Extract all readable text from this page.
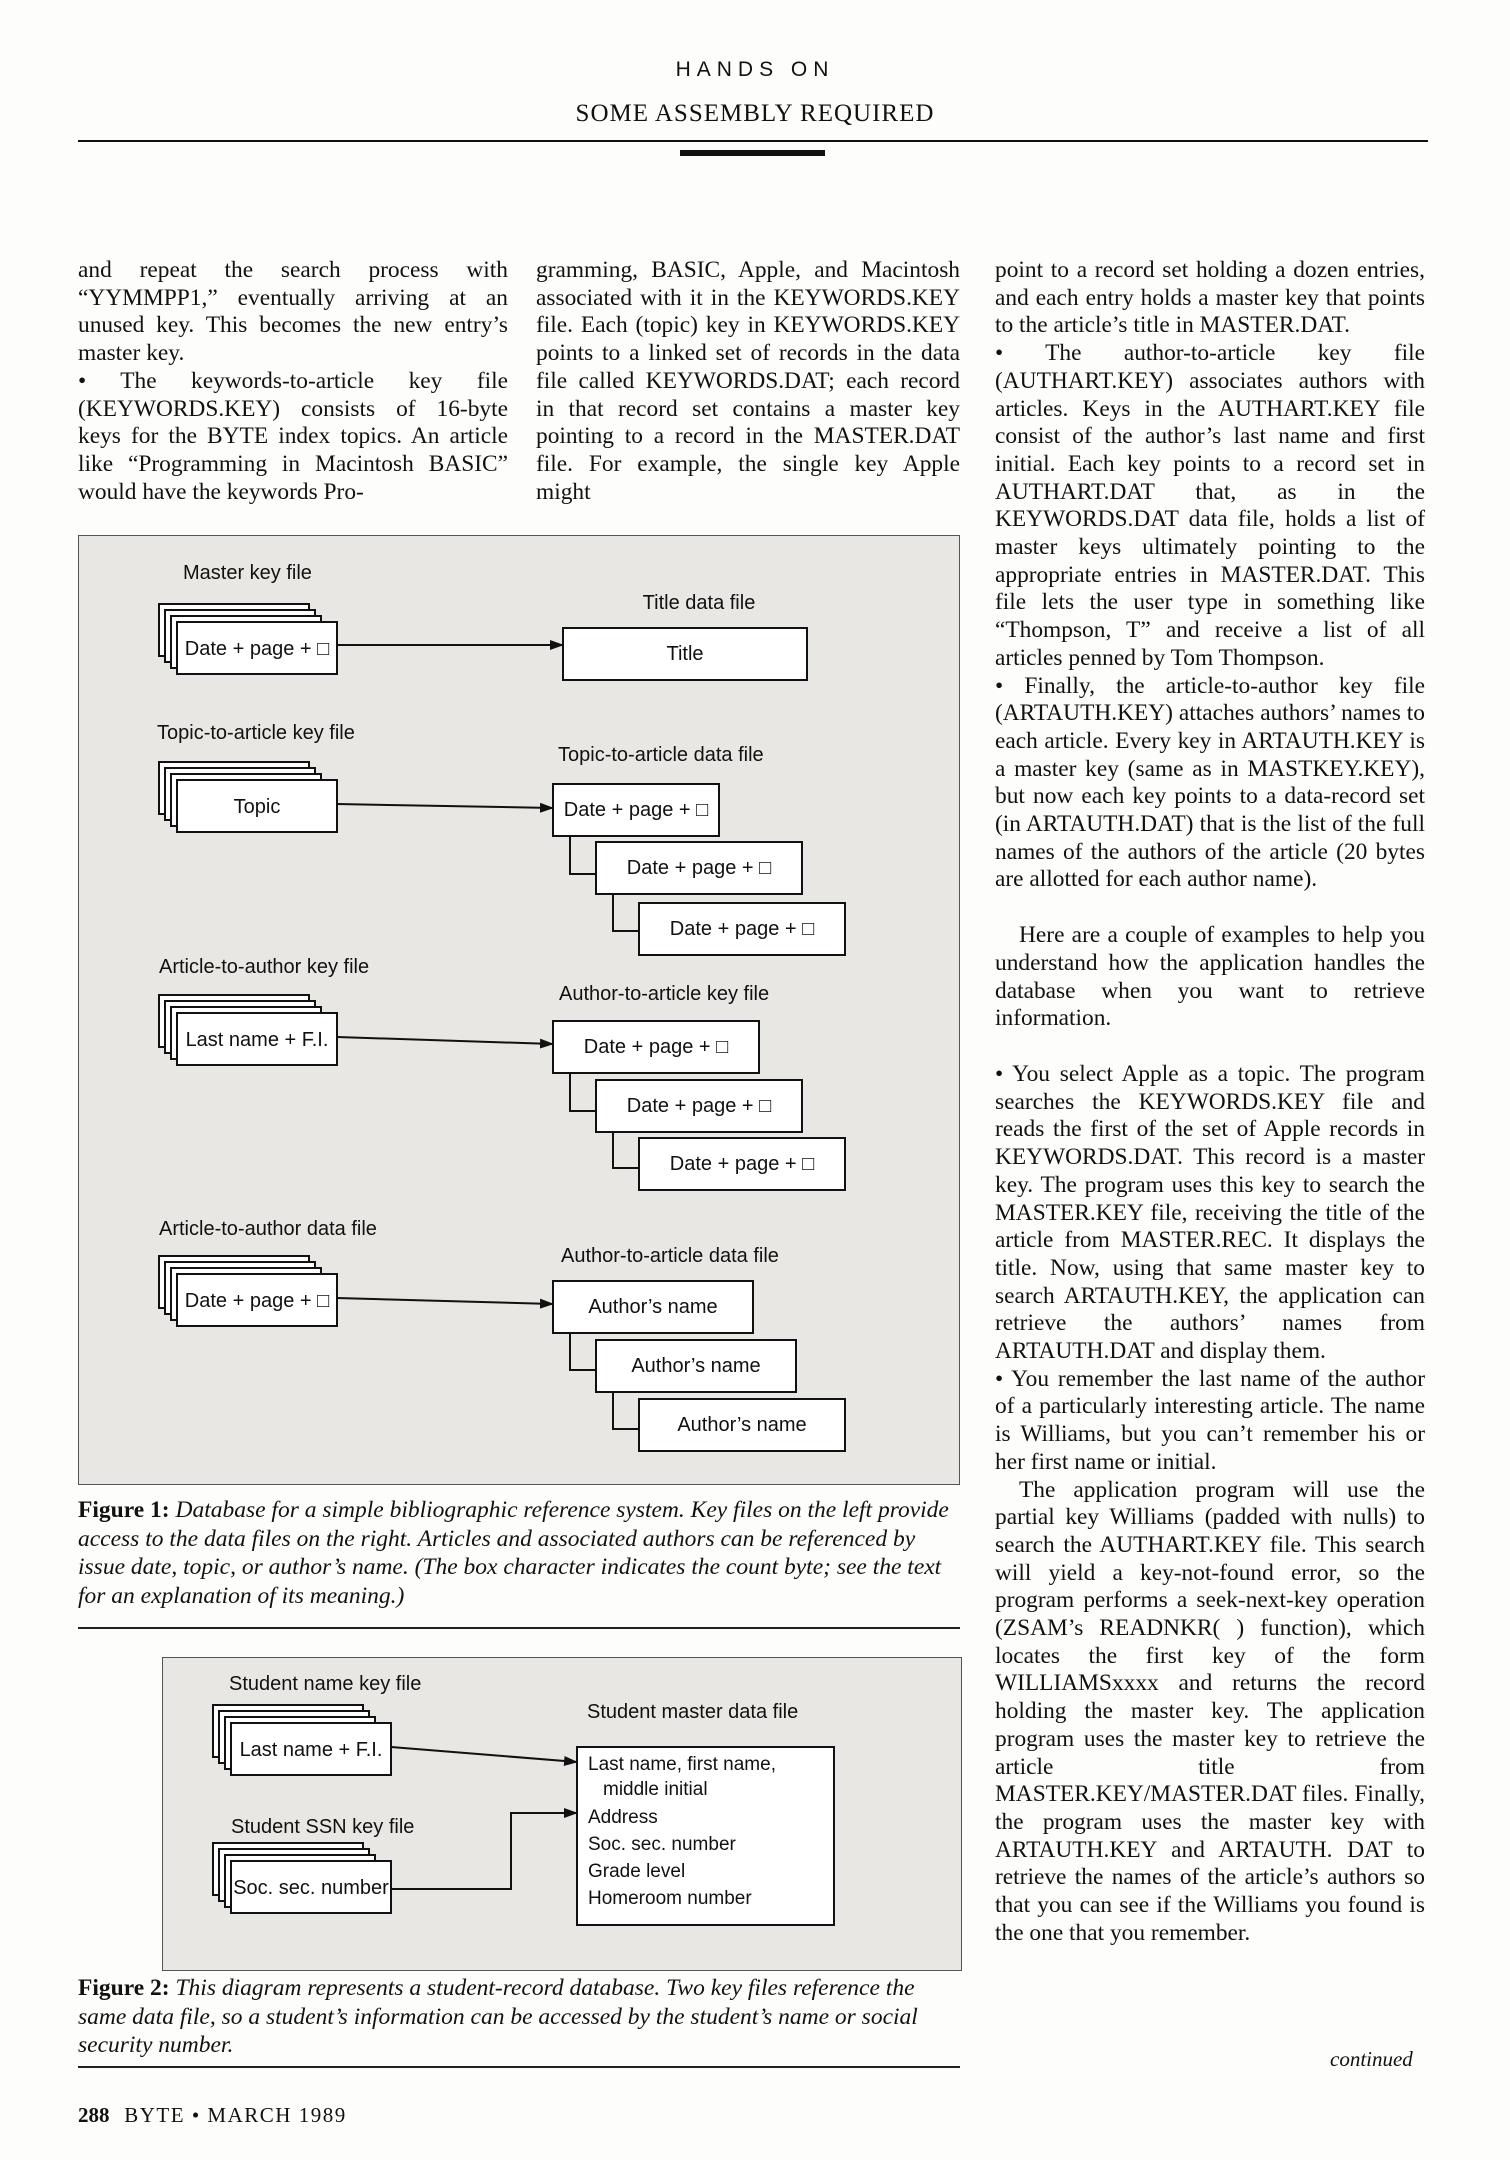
HANDS ON
SOME ASSEMBLY REQUIRED

and repeat the search process with “YYMMPP1,” eventually arriving at an unused key. This becomes the new entry’s master key.

• The keywords-to-article key file (KEYWORDS.KEY) consists of 16-byte keys for the BYTE index topics. An article like “Programming in Macintosh BASIC” would have the keywords Pro-

gramming, BASIC, Apple, and Macintosh associated with it in the KEYWORDS.KEY file. Each (topic) key in KEYWORDS.KEY points to a linked set of records in the data file called KEYWORDS.DAT; each record in that record set contains a master key pointing to a record in the MASTER.DAT file. For example, the single key Apple might

point to a record set holding a dozen entries, and each entry holds a master key that points to the article’s title in MASTER.DAT.

• The author-to-article key file (AUTHART.KEY) associates authors with articles. Keys in the AUTHART.KEY file consist of the author’s last name and first initial. Each key points to a record set in AUTHART.DAT that, as in the KEYWORDS.DAT data file, holds a list of master keys ultimately pointing to the appropriate entries in MASTER.DAT. This file lets the user type in something like “Thompson, T” and receive a list of all articles penned by Tom Thompson.

• Finally, the article-to-author key file (ARTAUTH.KEY) attaches authors’ names to each article. Every key in ARTAUTH.KEY is a master key (same as in MASTKEY.KEY), but now each key points to a data-record set (in ARTAUTH.DAT) that is the list of the full names of the authors of the article (20 bytes are allotted for each author name).

Here are a couple of examples to help you understand how the application handles the database when you want to retrieve information.

• You select Apple as a topic. The program searches the KEYWORDS.KEY file and reads the first of the set of Apple records in KEYWORDS.DAT. This record is a master key. The program uses this key to search the MASTER.KEY file, receiving the title of the article from MASTER.REC. It displays the title. Now, using that same master key to search ARTAUTH.KEY, the application can retrieve the authors’ names from ARTAUTH.DAT and display them.

• You remember the last name of the author of a particularly interesting article. The name is Williams, but you can’t remember his or her first name or initial.

The application program will use the partial key Williams (padded with nulls) to search the AUTHART.KEY file. This search will yield a key-not-found error, so the program performs a seek-next-key operation (ZSAM’s READNKR( ) function), which locates the first key of the form WILLIAMSxxxx and returns the record holding the master key. The application program uses the master key to retrieve the article title from MASTER.KEY/MASTER.DAT files. Finally, the program uses the master key with ARTAUTH.KEY and ARTAUTH. DAT to retrieve the names of the article’s authors so that you can see if the Williams you found is the one that you remember.

continued
Master key file
Title data file
Topic-to-article key file
Topic-to-article data file
Article-to-author key file
Author-to-article key file
Article-to-author data file
Author-to-article data file
Date + page + □	Title
Topic	Date + page + □
Date + page + □
Date + page + □
Last name + F.I.	Date + page + □
Date + page + □
Date + page + □
Date + page + □	Author’s name
Author’s name
Author’s name
Figure 1: Database for a simple bibliographic reference system. Key files on the left provide access to the data files on the right. Articles and associated authors can be referenced by issue date, topic, or author’s name. (The box character indicates the count byte; see the text for an explanation of its meaning.)
Student name key file
Student master data file
Student SSN key file
Last name + F.I.
Soc. sec. number
Last name, first name,
middle initial
Address
Soc. sec. number
Grade level
Homeroom number
Figure 2: This diagram represents a student-record database. Two key files reference the same data file, so a student’s information can be accessed by the student’s name or social security number.
288 BYTE • MARCH 1989
